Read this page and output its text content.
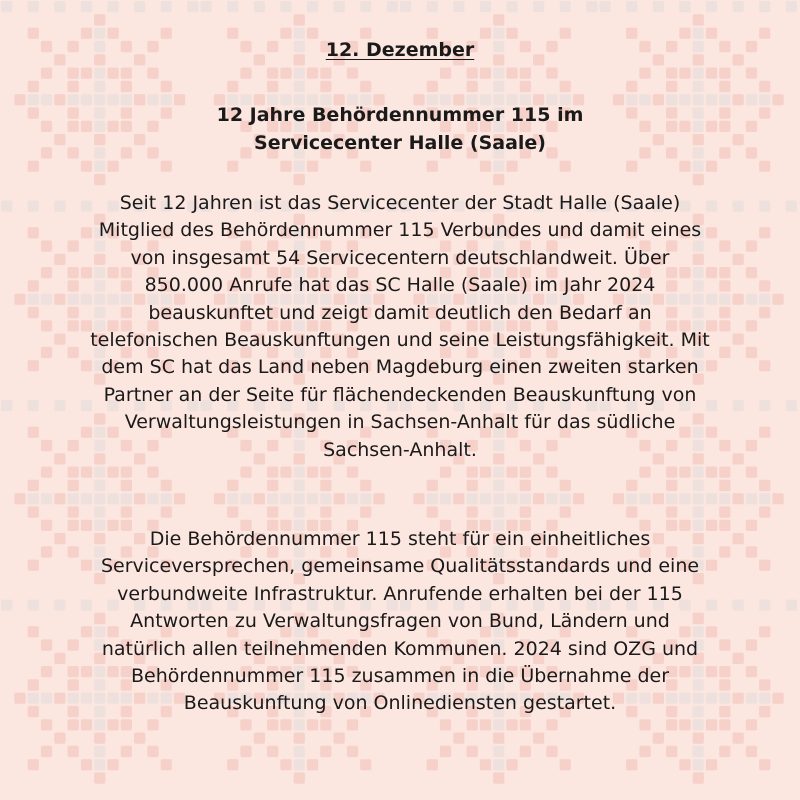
12. Dezember
12 Jahre Behördennummer 115 im
Servicecenter Halle (Saale)
Seit 12 Jahren ist das Servicecenter der Stadt Halle (Saale)
Mitglied des Behördennummer 115 Verbundes und damit eines
von insgesamt 54 Servicecentern deutschlandweit. Über
850.000 Anrufe hat das SC Halle (Saale) im Jahr 2024
beauskunftet und zeigt damit deutlich den Bedarf an
telefonischen Beauskunftungen und seine Leistungsfähigkeit. Mit
dem SC hat das Land neben Magdeburg einen zweiten starken
Partner an der Seite für flächendeckenden Beauskunftung von
Verwaltungsleistungen in Sachsen-Anhalt für das südliche
Sachsen-Anhalt.
Die Behördennummer 115 steht für ein einheitliches
Serviceversprechen, gemeinsame Qualitätsstandards und eine
verbundweite Infrastruktur. Anrufende erhalten bei der 115
Antworten zu Verwaltungsfragen von Bund, Ländern und
natürlich allen teilnehmenden Kommunen. 2024 sind OZG und
Behördennummer 115 zusammen in die Übernahme der
Beauskunftung von Onlinediensten gestartet.
